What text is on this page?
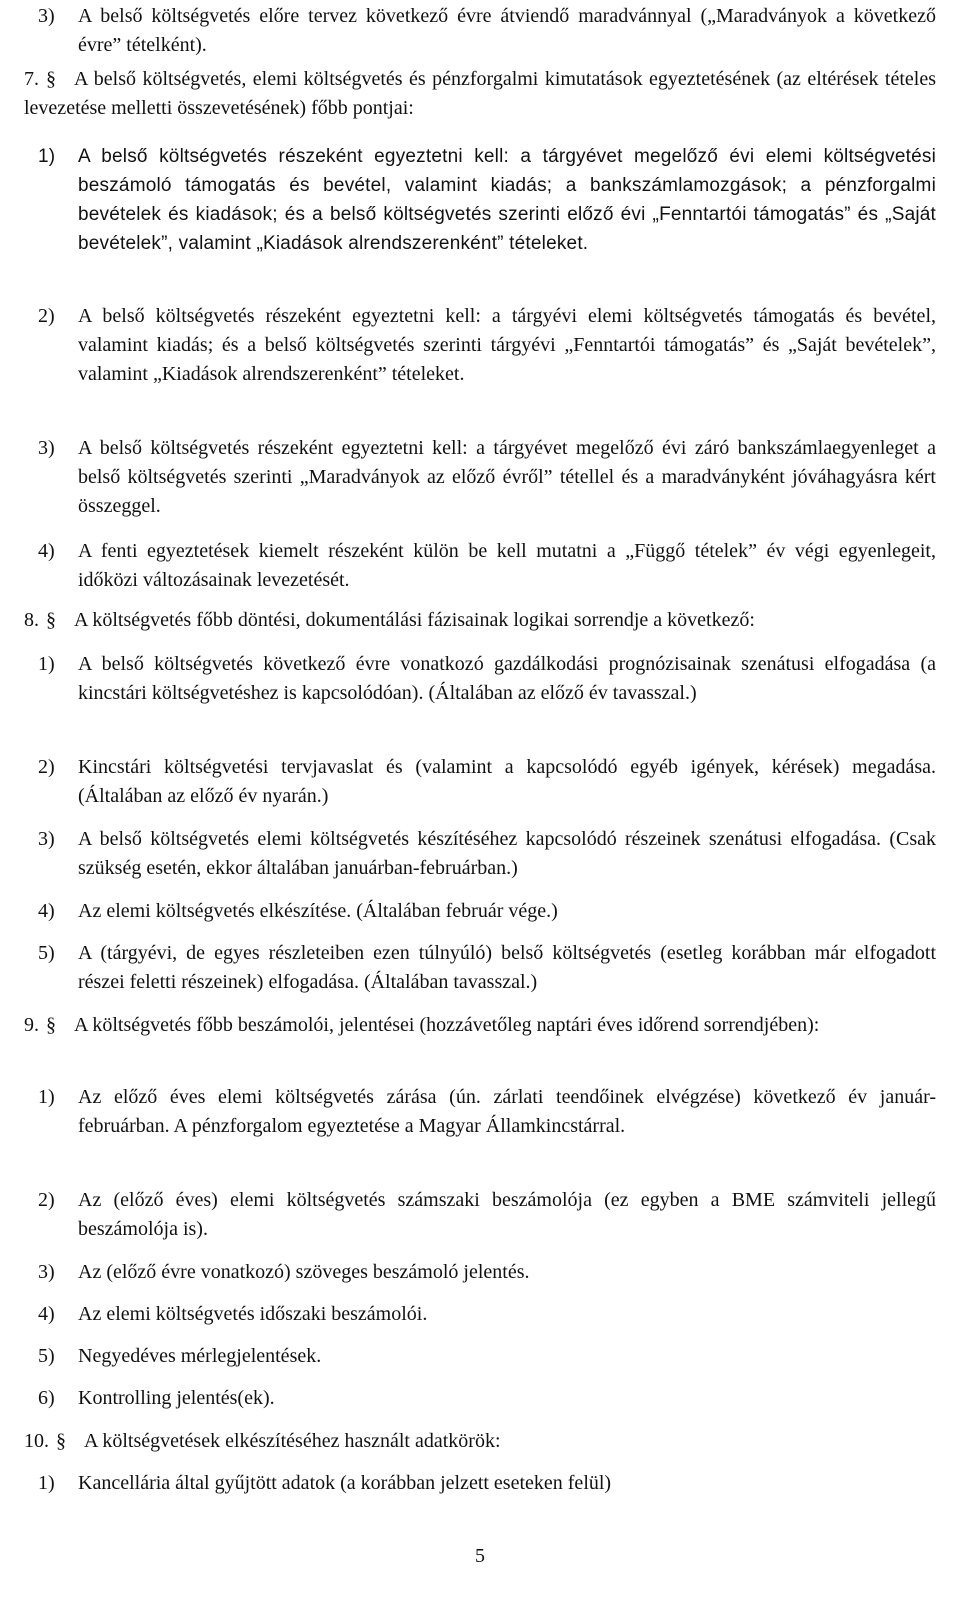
3) A belső költségvetés előre tervez következő évre átviendő maradvánnyal („Maradványok a következő évre” tételként).

7. § A belső költségvetés, elemi költségvetés és pénzforgalmi kimutatások egyeztetésének (az eltérések tételes levezetése melletti összevetésének) főbb pontjai:

1) A belső költségvetés részeként egyeztetni kell: a tárgyévet megelőző évi elemi költségvetési beszámoló támogatás és bevétel, valamint kiadás; a bankszámlamozgások; a pénzforgalmi bevételek és kiadások; és a belső költségvetés szerinti előző évi „Fenntartói támogatás” és „Saját bevételek”, valamint „Kiadások alrendszerenként” tételeket.

2) A belső költségvetés részeként egyeztetni kell: a tárgyévi elemi költségvetés támogatás és bevétel, valamint kiadás; és a belső költségvetés szerinti tárgyévi „Fenntartói támogatás” és „Saját bevételek”, valamint „Kiadások alrendszerenként” tételeket.

3) A belső költségvetés részeként egyeztetni kell: a tárgyévet megelőző évi záró bankszámlaegyenleget a belső költségvetés szerinti „Maradványok az előző évről” tétellel és a maradványként jóváhagyásra kért összeggel.

4) A fenti egyeztetések kiemelt részeként külön be kell mutatni a „Függő tételek” év végi egyenlegeit, időközi változásainak levezetését.

8. § A költségvetés főbb döntési, dokumentálási fázisainak logikai sorrendje a következő:

1) A belső költségvetés következő évre vonatkozó gazdálkodási prognózisainak szenátusi elfogadása (a kincstári költségvetéshez is kapcsolódóan). (Általában az előző év tavasszal.)

2) Kincstári költségvetési tervjavaslat és (valamint a kapcsolódó egyéb igények, kérések) megadása. (Általában az előző év nyarán.)

3) A belső költségvetés elemi költségvetés készítéséhez kapcsolódó részeinek szenátusi elfogadása. (Csak szükség esetén, ekkor általában januárban-februárban.)

4) Az elemi költségvetés elkészítése. (Általában február vége.)

5) A (tárgyévi, de egyes részleteiben ezen túlnyúló) belső költségvetés (esetleg korábban már elfogadott részei feletti részeinek) elfogadása. (Általában tavasszal.)

9. § A költségvetés főbb beszámolói, jelentései (hozzávetőleg naptári éves időrend sorrendjében):

1) Az előző éves elemi költségvetés zárása (ún. zárlati teendőinek elvégzése) következő év január-februárban. A pénzforgalom egyeztetése a Magyar Államkincstárral.

2) Az (előző éves) elemi költségvetés számszaki beszámolója (ez egyben a BME számviteli jellegű beszámolója is).

3) Az (előző évre vonatkozó) szöveges beszámoló jelentés.

4) Az elemi költségvetés időszaki beszámolói.

5) Negyedéves mérlegjelentések.

6) Kontrolling jelentés(ek).

10. § A költségvetések elkészítéséhez használt adatkörök:

1) Kancellária által gyűjtött adatok (a korábban jelzett eseteken felül)

5
